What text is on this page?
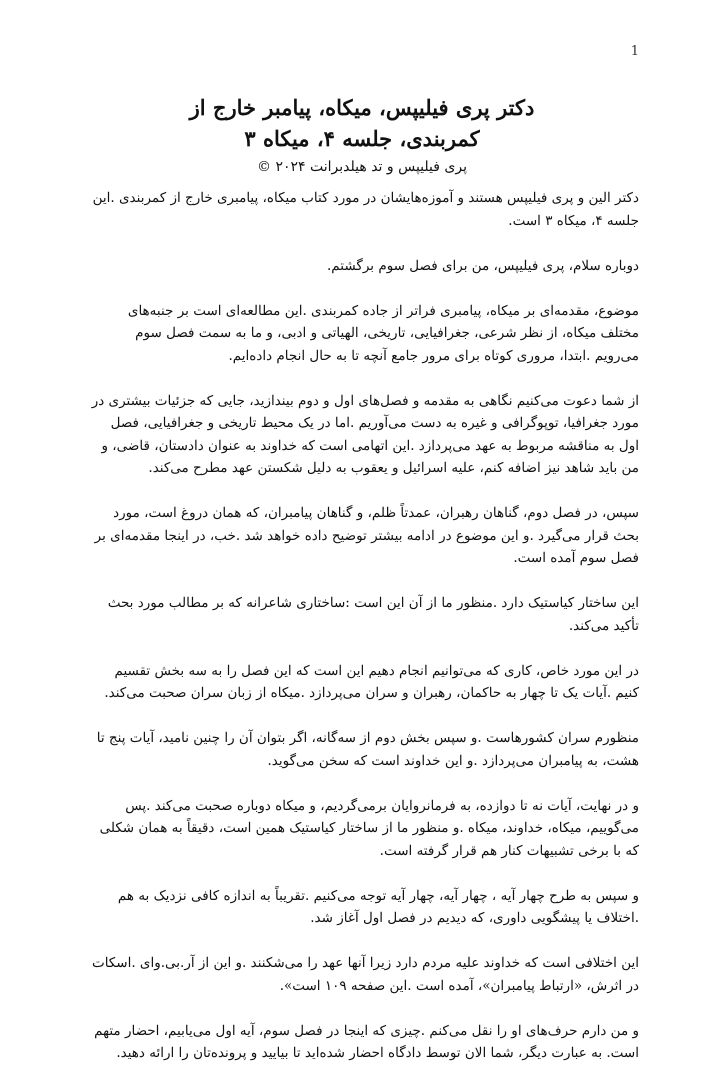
1
دکتر پری فیلیپس، میکاه، پیامبر خارج از
کمربندی، جلسه ۴، میکاه ۳

پری فیلیپس و تد هیلدبرانت ۲۰۲۴ ©

دکتر الین و پری فیلیپس هستند و آموزه‌هایشان در مورد کتاب میکاه، پیامبری خارج از کمربندی .این جلسه ۴، میکاه ۳ است.

دوباره سلام، پری فیلیپس، من برای فصل سوم برگشتم.

موضوع، مقدمه‌ای بر میکاه، پیامبری فراتر از جاده کمربندی .این مطالعه‌ای است بر جنبه‌های مختلف میکاه، از نظر شرعی، جغرافیایی، تاریخی، الهیاتی و ادبی، و ما به سمت فصل سوم می‌رویم .ابتدا، مروری کوتاه برای مرور جامع آنچه تا به حال انجام داده‌ایم.

از شما دعوت می‌کنیم نگاهی به مقدمه و فصل‌های اول و دوم بیندازید، جایی که جزئیات بیشتری در مورد جغرافیا، توپوگرافی و غیره به دست می‌آوریم .اما در یک محیط تاریخی و جغرافیایی، فصل اول به مناقشه مربوط به عهد می‌پردازد .این اتهامی است که خداوند به عنوان دادستان، قاضی، و من باید شاهد نیز اضافه کنم، علیه اسرائیل و یعقوب به دلیل شکستن عهد مطرح می‌کند.

سپس، در فصل دوم، گناهان رهبران، عمدتاً ظلم، و گناهان پیامبران، که همان دروغ است، مورد بحث قرار می‌گیرد .و این موضوع در ادامه بیشتر توضیح داده خواهد شد .خب، در اینجا مقدمه‌ای بر فصل سوم آمده است.

این ساختار کیاستیک دارد .منظور ما از آن این است :ساختاری شاعرانه که بر مطالب مورد بحث تأکید می‌کند.

در این مورد خاص، کاری که می‌توانیم انجام دهیم این است که این فصل را به سه بخش تقسیم کنیم .آیات یک تا چهار به حاکمان، رهبران و سران می‌پردازد .میکاه از زبان سران صحبت می‌کند.

منظورم سران کشورهاست .و سپس بخش دوم از سه‌گانه، اگر بتوان آن را چنین نامید، آیات پنج تا هشت، به پیامبران می‌پردازد .و این خداوند است که سخن می‌گوید.

و در نهایت، آیات نه تا دوازده، به فرمانروایان برمی‌گردیم، و میکاه دوباره صحبت می‌کند .پس می‌گوییم، میکاه، خداوند، میکاه .و منظور ما از ساختار کیاستیک همین است، دقیقاً به همان شکلی که با برخی تشبیهات کنار هم قرار گرفته است.

و سپس به طرح چهار آیه ، چهار آیه، چهار آیه توجه می‌کنیم .تقریباً به اندازه کافی نزدیک به هم .اختلاف یا پیشگویی داوری، که دیدیم در فصل اول آغاز شد.

این اختلافی است که خداوند علیه مردم دارد زیرا آنها عهد را می‌شکنند .و این از آر.بی.وای .اسکات در اثرش، «ارتباط پیامبران»، آمده است .این صفحه ۱۰۹ است».

و من دارم حرف‌های او را نقل می‌کنم .چیزی که اینجا در فصل سوم، آیه اول می‌یابیم، احضار متهم است. به عبارت دیگر، شما الان توسط دادگاه احضار شده‌اید تا بیایید و پرونده‌تان را ارائه دهید.
